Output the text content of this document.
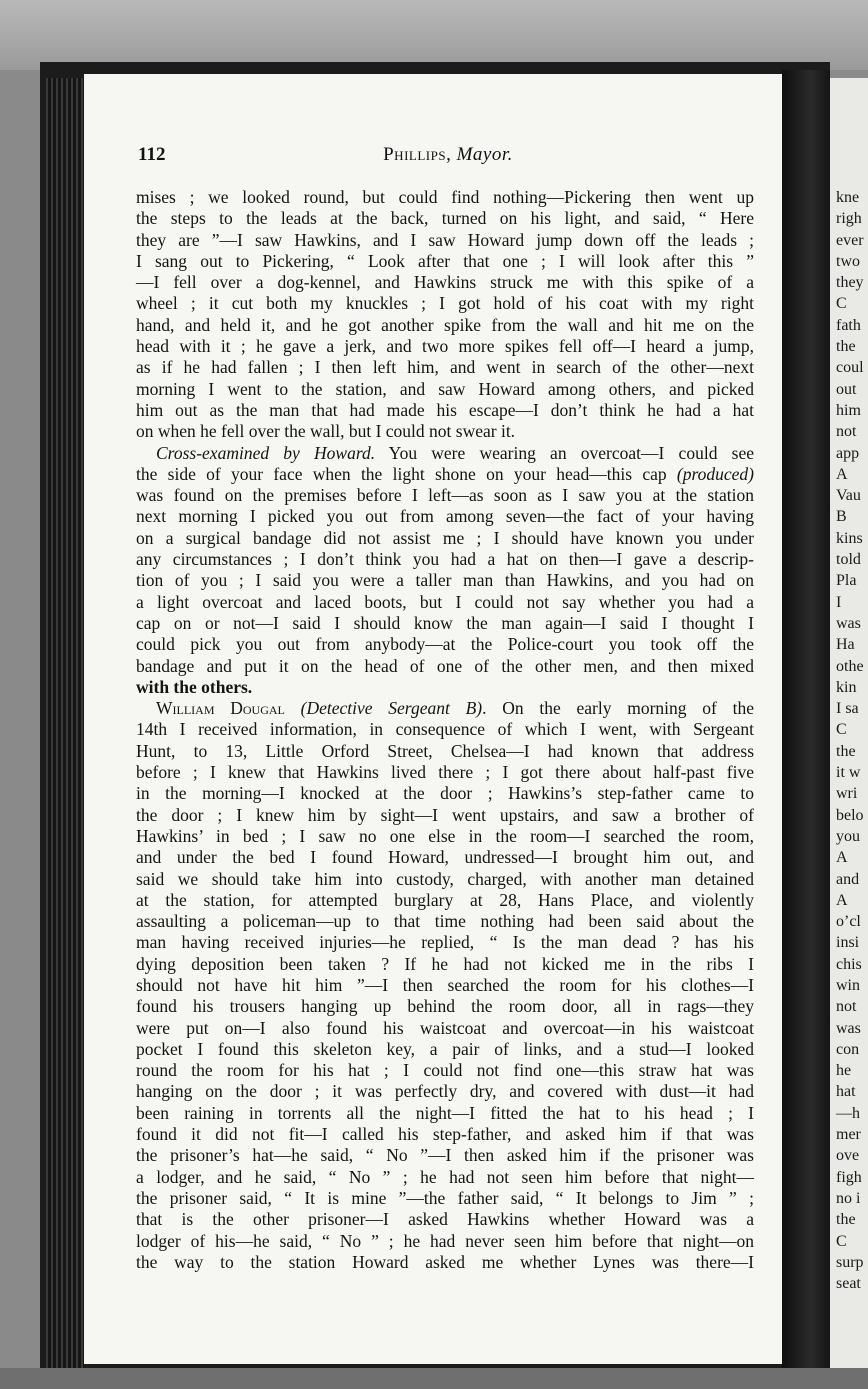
112	Phillips, Mayor.
mises ; we looked round, but could find nothing—Pickering then went up
the steps to the leads at the back, turned on his light, and said, “ Here
they are ”—I saw Hawkins, and I saw Howard jump down off the leads ;
I sang out to Pickering, “ Look after that one ; I will look after this ”
—I fell over a dog-kennel, and Hawkins struck me with this spike of a
wheel ; it cut both my knuckles ; I got hold of his coat with my right
hand, and held it, and he got another spike from the wall and hit me on the
head with it ; he gave a jerk, and two more spikes fell off—I heard a jump,
as if he had fallen ; I then left him, and went in search of the other—next
morning I went to the station, and saw Howard among others, and picked
him out as the man that had made his escape—I don’t think he had a hat
on when he fell over the wall, but I could not swear it.
Cross-examined by Howard. You were wearing an overcoat—I could see
the side of your face when the light shone on your head—this cap (produced)
was found on the premises before I left—as soon as I saw you at the station
next morning I picked you out from among seven—the fact of your having
on a surgical bandage did not assist me ; I should have known you under
any circumstances ; I don’t think you had a hat on then—I gave a descrip-
tion of you ; I said you were a taller man than Hawkins, and you had on
a light overcoat and laced boots, but I could not say whether you had a
cap on or not—I said I should know the man again—I said I thought I
could pick you out from anybody—at the Police-court you took off the
bandage and put it on the head of one of the other men, and then mixed
with the others.
William Dougal (Detective Sergeant B). On the early morning of the
14th I received information, in consequence of which I went, with Sergeant
Hunt, to 13, Little Orford Street, Chelsea—I had known that address
before ; I knew that Hawkins lived there ; I got there about half-past five
in the morning—I knocked at the door ; Hawkins’s step-father came to
the door ; I knew him by sight—I went upstairs, and saw a brother of
Hawkins’ in bed ; I saw no one else in the room—I searched the room,
and under the bed I found Howard, undressed—I brought him out, and
said we should take him into custody, charged, with another man detained
at the station, for attempted burglary at 28, Hans Place, and violently
assaulting a policeman—up to that time nothing had been said about the
man having received injuries—he replied, “ Is the man dead ? has his
dying deposition been taken ? If he had not kicked me in the ribs I
should not have hit him ”—I then searched the room for his clothes—I
found his trousers hanging up behind the room door, all in rags—they
were put on—I also found his waistcoat and overcoat—in his waistcoat
pocket I found this skeleton key, a pair of links, and a stud—I looked
round the room for his hat ; I could not find one—this straw hat was
hanging on the door ; it was perfectly dry, and covered with dust—it had
been raining in torrents all the night—I fitted the hat to his head ; I
found it did not fit—I called his step-father, and asked him if that was
the prisoner’s hat—he said, “ No ”—I then asked him if the prisoner was
a lodger, and he said, “ No ” ; he had not seen him before that night—
the prisoner said, “ It is mine ”—the father said, “ It belongs to Jim ” ;
that is the other prisoner—I asked Hawkins whether Howard was a
lodger of his—he said, “ No ” ; he had never seen him before that night—on
the way to the station Howard asked me whether Lynes was there—I
kne
righ
ever
two
they
C
fath
the
coul
out
him
not
app
A
Vau
B
kins
told
Pla
I
was
Ha
othe
kin
I sa
C
the
it w
wri
belo
you
A
and
A
o’cl
insi
chis
win
not
was
con
he
hat
—h
mer
ove
figh
no i
the
C
surp
seat
